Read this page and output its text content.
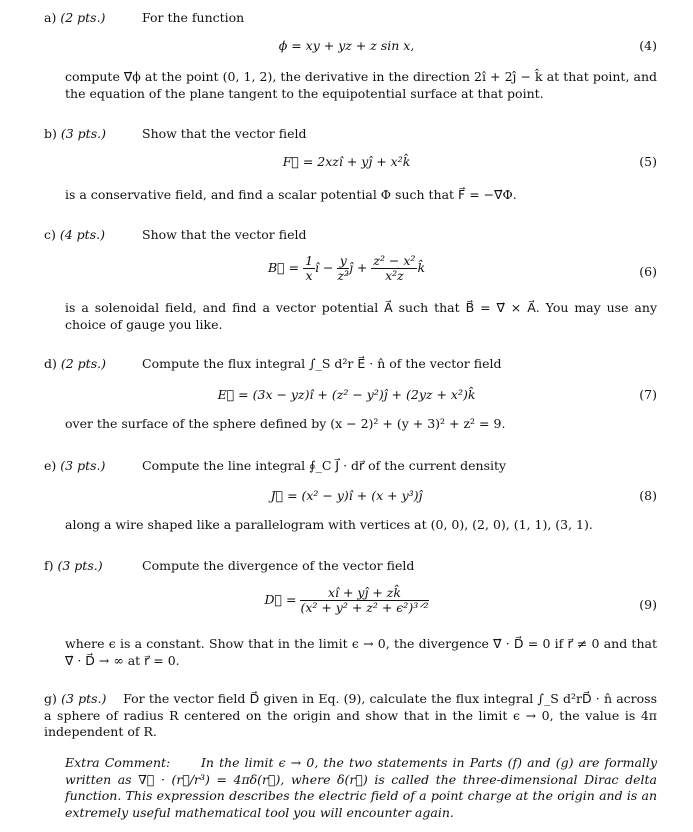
a) (2 pts.)	For the function
ϕ = xy + yz + z sin x,	(4)
compute ∇⃗ϕ at the point (0, 1, 2), the derivative in the direction 2î + 2ĵ − k̂ at that point, and the equation of the plane tangent to the equipotential surface at that point.
b) (3 pts.)	Show that the vector field
F⃗ = 2xzî + yĵ + x²k̂	(5)
is a conservative field, and find a scalar potential Φ such that F⃗ = −∇⃗Φ.
c) (4 pts.)	Show that the vector field
B⃗ = $\frac{1}{x}$ î − $\frac{y}{\text{z²}}$ ĵ + $\frac{\text{z² − x²}}{\text{x²z}}$ k̂	(6)
is a solenoidal field, and find a vector potential A⃗ such that B⃗ = ∇⃗ × A⃗. You may use any choice of gauge you like.
d) (2 pts.)	Compute the flux integral ∫_S d²r E⃗ · n̂ of the vector field
E⃗ = (3x − yz)î + (z² − y²)ĵ + (2yz + x²)k̂	(7)
over the surface of the sphere defined by (x − 2)² + (y + 3)² + z² = 9.
e) (3 pts.)	Compute the line integral ∮_C J⃗ · dr⃗ of the current density
J⃗ = (x² − y)î + (x + y³)ĵ	(8)
along a wire shaped like a parallelogram with vertices at (0, 0), (2, 0), (1, 1), (3, 1).
f) (3 pts.)	Compute the divergence of the vector field
D⃗ = $\frac{xî + yĵ + zk̂}{\text{(x² + y² + z² + ϵ²)³ᐟ²}}$	(9)
where ϵ is a constant. Show that in the limit ϵ → 0, the divergence ∇⃗ · D⃗ = 0 if r⃗ ≠ 0 and that ∇⃗ · D⃗ → ∞ at r⃗ = 0.
g) (3 pts.) For the vector field D⃗ given in Eq. (9), calculate the flux integral ∫_S d²rD⃗ · n̂ across a sphere of radius R centered on the origin and show that in the limit ϵ → 0, the value is 4π independent of R.
Extra Comment: In the limit ϵ → 0, the two statements in Parts (f) and (g) are formally written as ∇⃗ · (r⃗/r³) = 4πδ(r⃗), where δ(r⃗) is called the three-dimensional Dirac delta function. This expression describes the electric field of a point charge at the origin and is an extremely useful mathematical tool you will encounter again.
